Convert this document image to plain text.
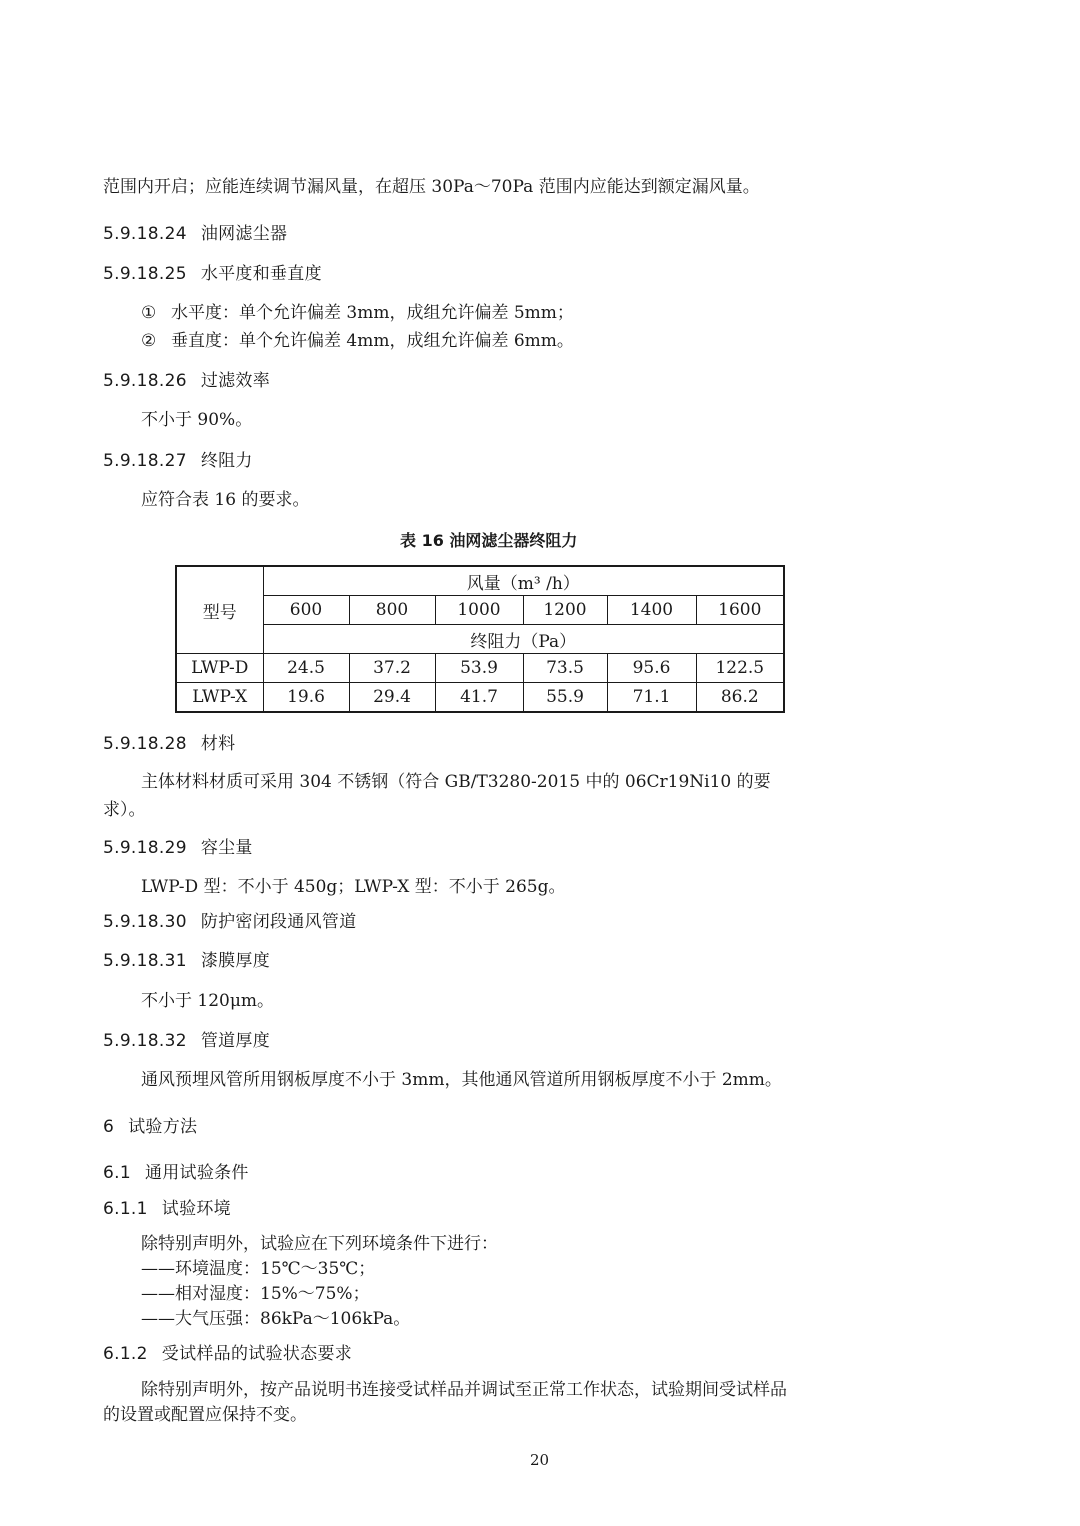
范围内开启；应能连续调节漏风量，在超压 30Pa～70Pa 范围内应能达到额定漏风量。
5.9.18.24 油网滤尘器
5.9.18.25 水平度和垂直度
① 水平度：单个允许偏差 3mm，成组允许偏差 5mm；
② 垂直度：单个允许偏差 4mm，成组允许偏差 6mm。
5.9.18.26 过滤效率
不小于 90%。
5.9.18.27 终阻力
应符合表 16 的要求。
表 16 油网滤尘器终阻力
型号	风量（m³ /h）					
	600	800	1000	1200	1400	1600
	终阻力（Pa）					
LWP-D	24.5	37.2	53.9	73.5	95.6	122.5
LWP-X	19.6	29.4	41.7	55.9	71.1	86.2
5.9.18.28 材料
主体材料材质可采用 304 不锈钢（符合 GB/T3280-2015 中的 06Cr19Ni10 的要
求）。
5.9.18.29 容尘量
LWP-D 型：不小于 450g；LWP-X 型：不小于 265g。
5.9.18.30 防护密闭段通风管道
5.9.18.31 漆膜厚度
不小于 120μm。
5.9.18.32 管道厚度
通风预埋风管所用钢板厚度不小于 3mm，其他通风管道所用钢板厚度不小于 2mm。
6 试验方法
6.1 通用试验条件
6.1.1 试验环境
除特别声明外，试验应在下列环境条件下进行：
——环境温度：15℃～35℃；
——相对湿度：15%～75%；
——大气压强：86kPa～106kPa。
6.1.2 受试样品的试验状态要求
除特别声明外，按产品说明书连接受试样品并调试至正常工作状态，试验期间受试样品
的设置或配置应保持不变。
20
